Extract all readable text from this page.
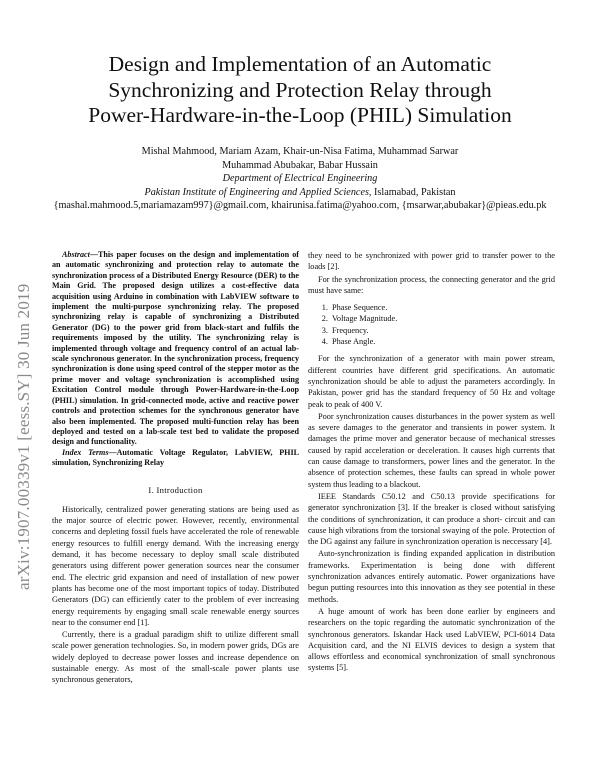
arXiv:1907.00339v1 [eess.SY] 30 Jun 2019
Design and Implementation of an Automatic
Synchronizing and Protection Relay through
Power-Hardware-in-the-Loop (PHIL) Simulation
Mishal Mahmood, Mariam Azam, Khair-un-Nisa Fatima, Muhammad Sarwar
Muhammad Abubakar, Babar Hussain
Department of Electrical Engineering
Pakistan Institute of Engineering and Applied Sciences, Islamabad, Pakistan
{mashal.mahmood.5,mariamazam997}@gmail.com, khairunisa.fatima@yahoo.com, {msarwar,abubakar}@pieas.edu.pk

Abstract—This paper focuses on the design and implementation of an automatic synchronizing and protection relay to automate the synchronization process of a Distributed Energy Resource (DER) to the Main Grid. The proposed design utilizes a cost-effective data acquisition using Arduino in combination with LabVIEW software to implement the multi-purpose synchronizing relay. The proposed synchronizing relay is capable of synchronizing a Distributed Generator (DG) to the power grid from black-start and fulfils the requirements imposed by the utility. The synchronizing relay is implemented through voltage and frequency control of an actual lab-scale synchronous generator. In the synchronization process, frequency synchronization is done using speed control of the stepper motor as the prime mover and voltage synchronization is accomplished using Excitation Control module through Power-Hardware-in-the-Loop (PHIL) simulation. In grid-connected mode, active and reactive power controls and protection schemes for the synchronous generator have also been implemented. The proposed multi-function relay has been deployed and tested on a lab-scale test bed to validate the proposed design and functionality.

Index Terms—Automatic Voltage Regulator, LabVIEW, PHIL simulation, Synchronizing Relay

I. Introduction

Historically, centralized power generating stations are being used as the major source of electric power. However, recently, environmental concerns and depleting fossil fuels have accelerated the role of renewable energy resources to fulfill energy demand. With the increasing energy demand, it has become necessary to deploy small scale distributed generators using different power generation sources near the consumer end. The electric grid expansion and need of installation of new power plants has become one of the most important topics of today. Distributed Generators (DG) can efficiently cater to the problem of ever increasing energy requirements by engaging small scale renewable energy sources near to the consumer end [1].

Currently, there is a gradual paradigm shift to utilize different small scale power generation technologies. So, in modern power grids, DGs are widely deployed to decrease power losses and increase dependence on sustainable energy. As most of the small-scale power plants use synchronous generators,

they need to be synchronized with power grid to transfer power to the loads [2].

For the synchronization process, the connecting generator and the grid must have same:

1. Phase Sequence.
2. Voltage Magnitude.
3. Frequency.
4. Phase Angle.

For the synchronization of a generator with main power stream, different countries have different grid specifications. An automatic synchronization should be able to adjust the parameters accordingly. In Pakistan, power grid has the standard frequency of 50 Hz and voltage peak to peak of 400 V.

Poor synchronization causes disturbances in the power system as well as severe damages to the generator and transients in power system. It damages the prime mover and generator because of mechanical stresses caused by rapid acceleration or deceleration. It causes high currents that can cause damage to transformers, power lines and the generator. In the absence of protection schemes, these faults can spread in whole power system thus leading to a blackout.

IEEE Standards C50.12 and C50.13 provide specifications for generator synchronization [3]. If the breaker is closed without satisfying the conditions of synchronization, it can produce a short- circuit and can cause high vibrations from the torsional swaying of the pole. Protection of the DG against any failure in synchronization operation is neccessary [4].

Auto-synchronization is finding expanded application in distribution frameworks. Experimentation is being done with different synchronization advances entirely automatic. Power organizations have begun putting resources into this innovation as they see potential in these methods.

A huge amount of work has been done earlier by engineers and researchers on the topic regarding the automatic synchronization of the synchronous generators. Iskandar Hack used LabVIEW, PCI-6014 Data Acquisition card, and the NI ELVIS devices to design a system that allows effortless and economical synchronization of small synchronous systems [5].
